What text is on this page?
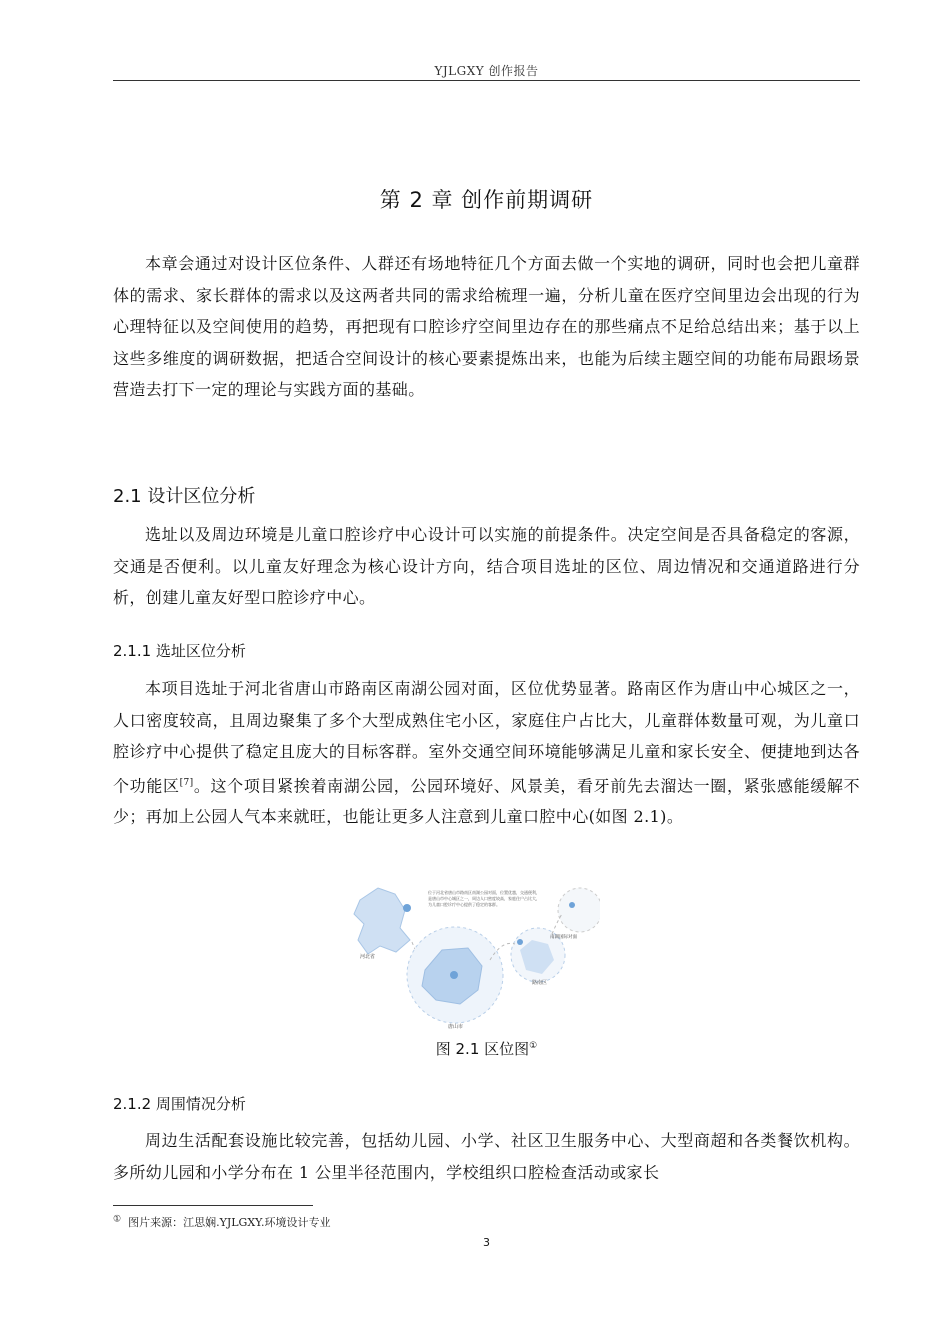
YJLGXY 创作报告
第 2 章 创作前期调研
本章会通过对设计区位条件、人群还有场地特征几个方面去做一个实地的调研，同时也会把儿童群体的需求、家长群体的需求以及这两者共同的需求给梳理一遍，分析儿童在医疗空间里边会出现的行为心理特征以及空间使用的趋势，再把现有口腔诊疗空间里边存在的那些痛点不足给总结出来；基于以上这些多维度的调研数据，把适合空间设计的核心要素提炼出来，也能为后续主题空间的功能布局跟场景营造去打下一定的理论与实践方面的基础。
2.1 设计区位分析
选址以及周边环境是儿童口腔诊疗中心设计可以实施的前提条件。决定空间是否具备稳定的客源，交通是否便利。以儿童友好理念为核心设计方向，结合项目选址的区位、周边情况和交通道路进行分析，创建儿童友好型口腔诊疗中心。
2.1.1 选址区位分析
本项目选址于河北省唐山市路南区南湖公园对面，区位优势显著。路南区作为唐山中心城区之一，人口密度较高，且周边聚集了多个大型成熟住宅小区，家庭住户占比大，儿童群体数量可观，为儿童口腔诊疗中心提供了稳定且庞大的目标客群。室外交通空间环境能够满足儿童和家长安全、便捷地到达各个功能区[7]。这个项目紧挨着南湖公园，公园环境好、风景美，看牙前先去溜达一圈，紧张感能缓解不少；再加上公园人气本来就旺，也能让更多人注意到儿童口腔中心(如图 2.1)。
位于河北省唐山市路南区南湖公园对面，位置优越，交通便利，是唐山市中心城区之一，周边人口密度较高，家庭住户占比大，为儿童口腔诊疗中心提供了稳定的客群。
河北省
唐山市
路南区
南湖国际对面
图 2.1 区位图①
2.1.2 周围情况分析
周边生活配套设施比较完善，包括幼儿园、小学、社区卫生服务中心、大型商超和各类餐饮机构。多所幼儿园和小学分布在 1 公里半径范围内，学校组织口腔检查活动或家长
① 图片来源：江思娴.YJLGXY.环境设计专业
3
